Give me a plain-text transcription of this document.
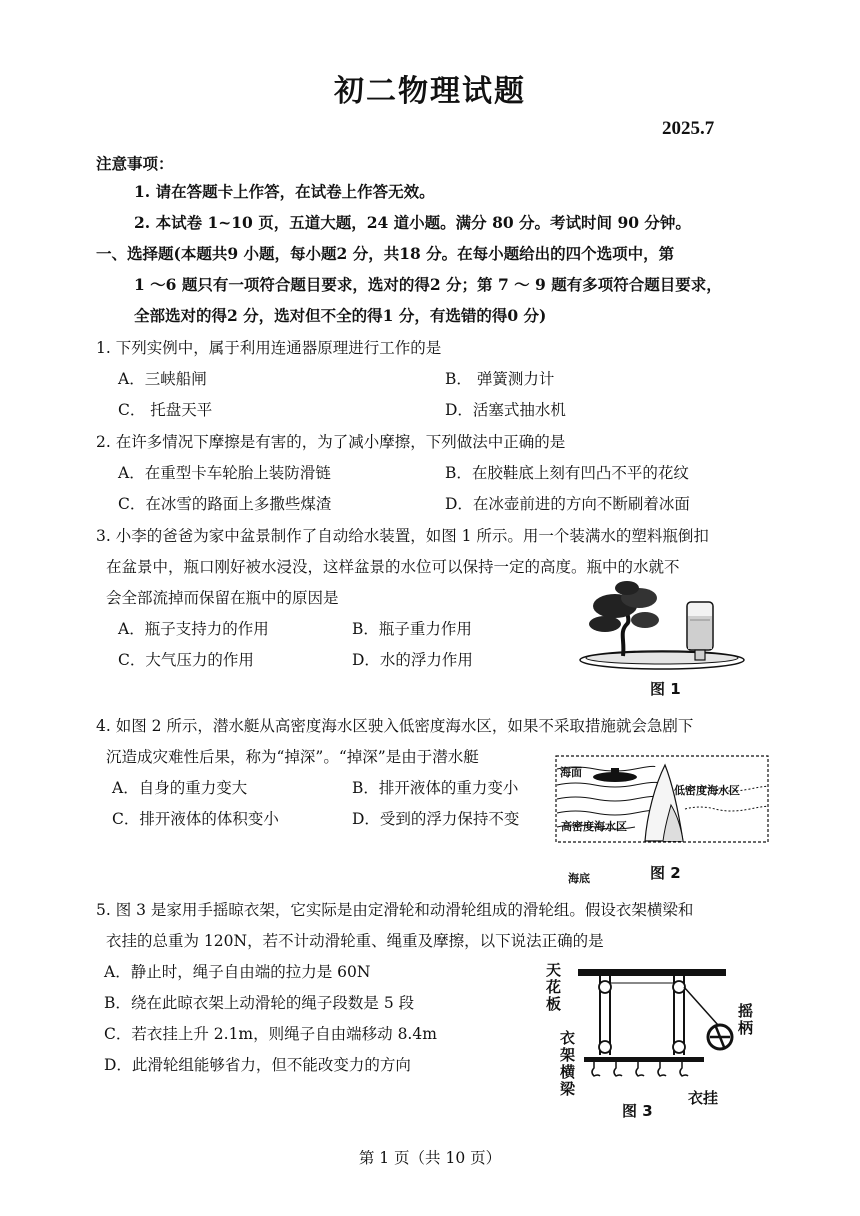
初二物理试题
2025.7
注意事项：
1. 请在答题卡上作答，在试卷上作答无效。
2. 本试卷 1~10 页，五道大题，24 道小题。满分 80 分。考试时间 90 分钟。
一、选择题(本题共9 小题，每小题2 分，共18 分。在每小题给出的四个选项中，第
1 ～6 题只有一项符合题目要求，选对的得2 分；第 7 ～ 9 题有多项符合题目要求，
全部选对的得2 分，选对但不全的得1 分，有选错的得0 分)
1. 下列实例中，属于利用连通器原理进行工作的是
A．三峡船闸	B． 弹簧测力计
C． 托盘天平	D．活塞式抽水机
2. 在许多情况下摩擦是有害的，为了减小摩擦，下列做法中正确的是
A．在重型卡车轮胎上装防滑链	B．在胶鞋底上刻有凹凸不平的花纹
C．在冰雪的路面上多撒些煤渣	D．在冰壶前进的方向不断刷着冰面
3. 小李的爸爸为家中盆景制作了自动给水装置，如图 1 所示。用一个装满水的塑料瓶倒扣
在盆景中，瓶口刚好被水浸没，这样盆景的水位可以保持一定的高度。瓶中的水就不
会全部流掉而保留在瓶中的原因是
A．瓶子支持力的作用	B．瓶子重力作用
C．大气压力的作用	D．水的浮力作用
图 1
4. 如图 2 所示，潜水艇从高密度海水区驶入低密度海水区，如果不采取措施就会急剧下
沉造成灾难性后果，称为“掉深”。“掉深”是由于潜水艇
A．自身的重力变大	B．排开液体的重力变小
C．排开液体的体积变小	D．受到的浮力保持不变
海面
低密度海水区
高密度海水区
海底	图 2
5. 图 3 是家用手摇晾衣架，它实际是由定滑轮和动滑轮组成的滑轮组。假设衣架横梁和
衣挂的总重为 120N，若不计动滑轮重、绳重及摩擦，以下说法正确的是
A．静止时，绳子自由端的拉力是 60N
B．绕在此晾衣架上动滑轮的绳子段数是 5 段
C．若衣挂上升 2.1m，则绳子自由端移动 8.4m
D．此滑轮组能够省力，但不能改变力的方向
天花板	摇柄
衣架横梁	衣挂
图 3
第 1 页（共 10 页）
